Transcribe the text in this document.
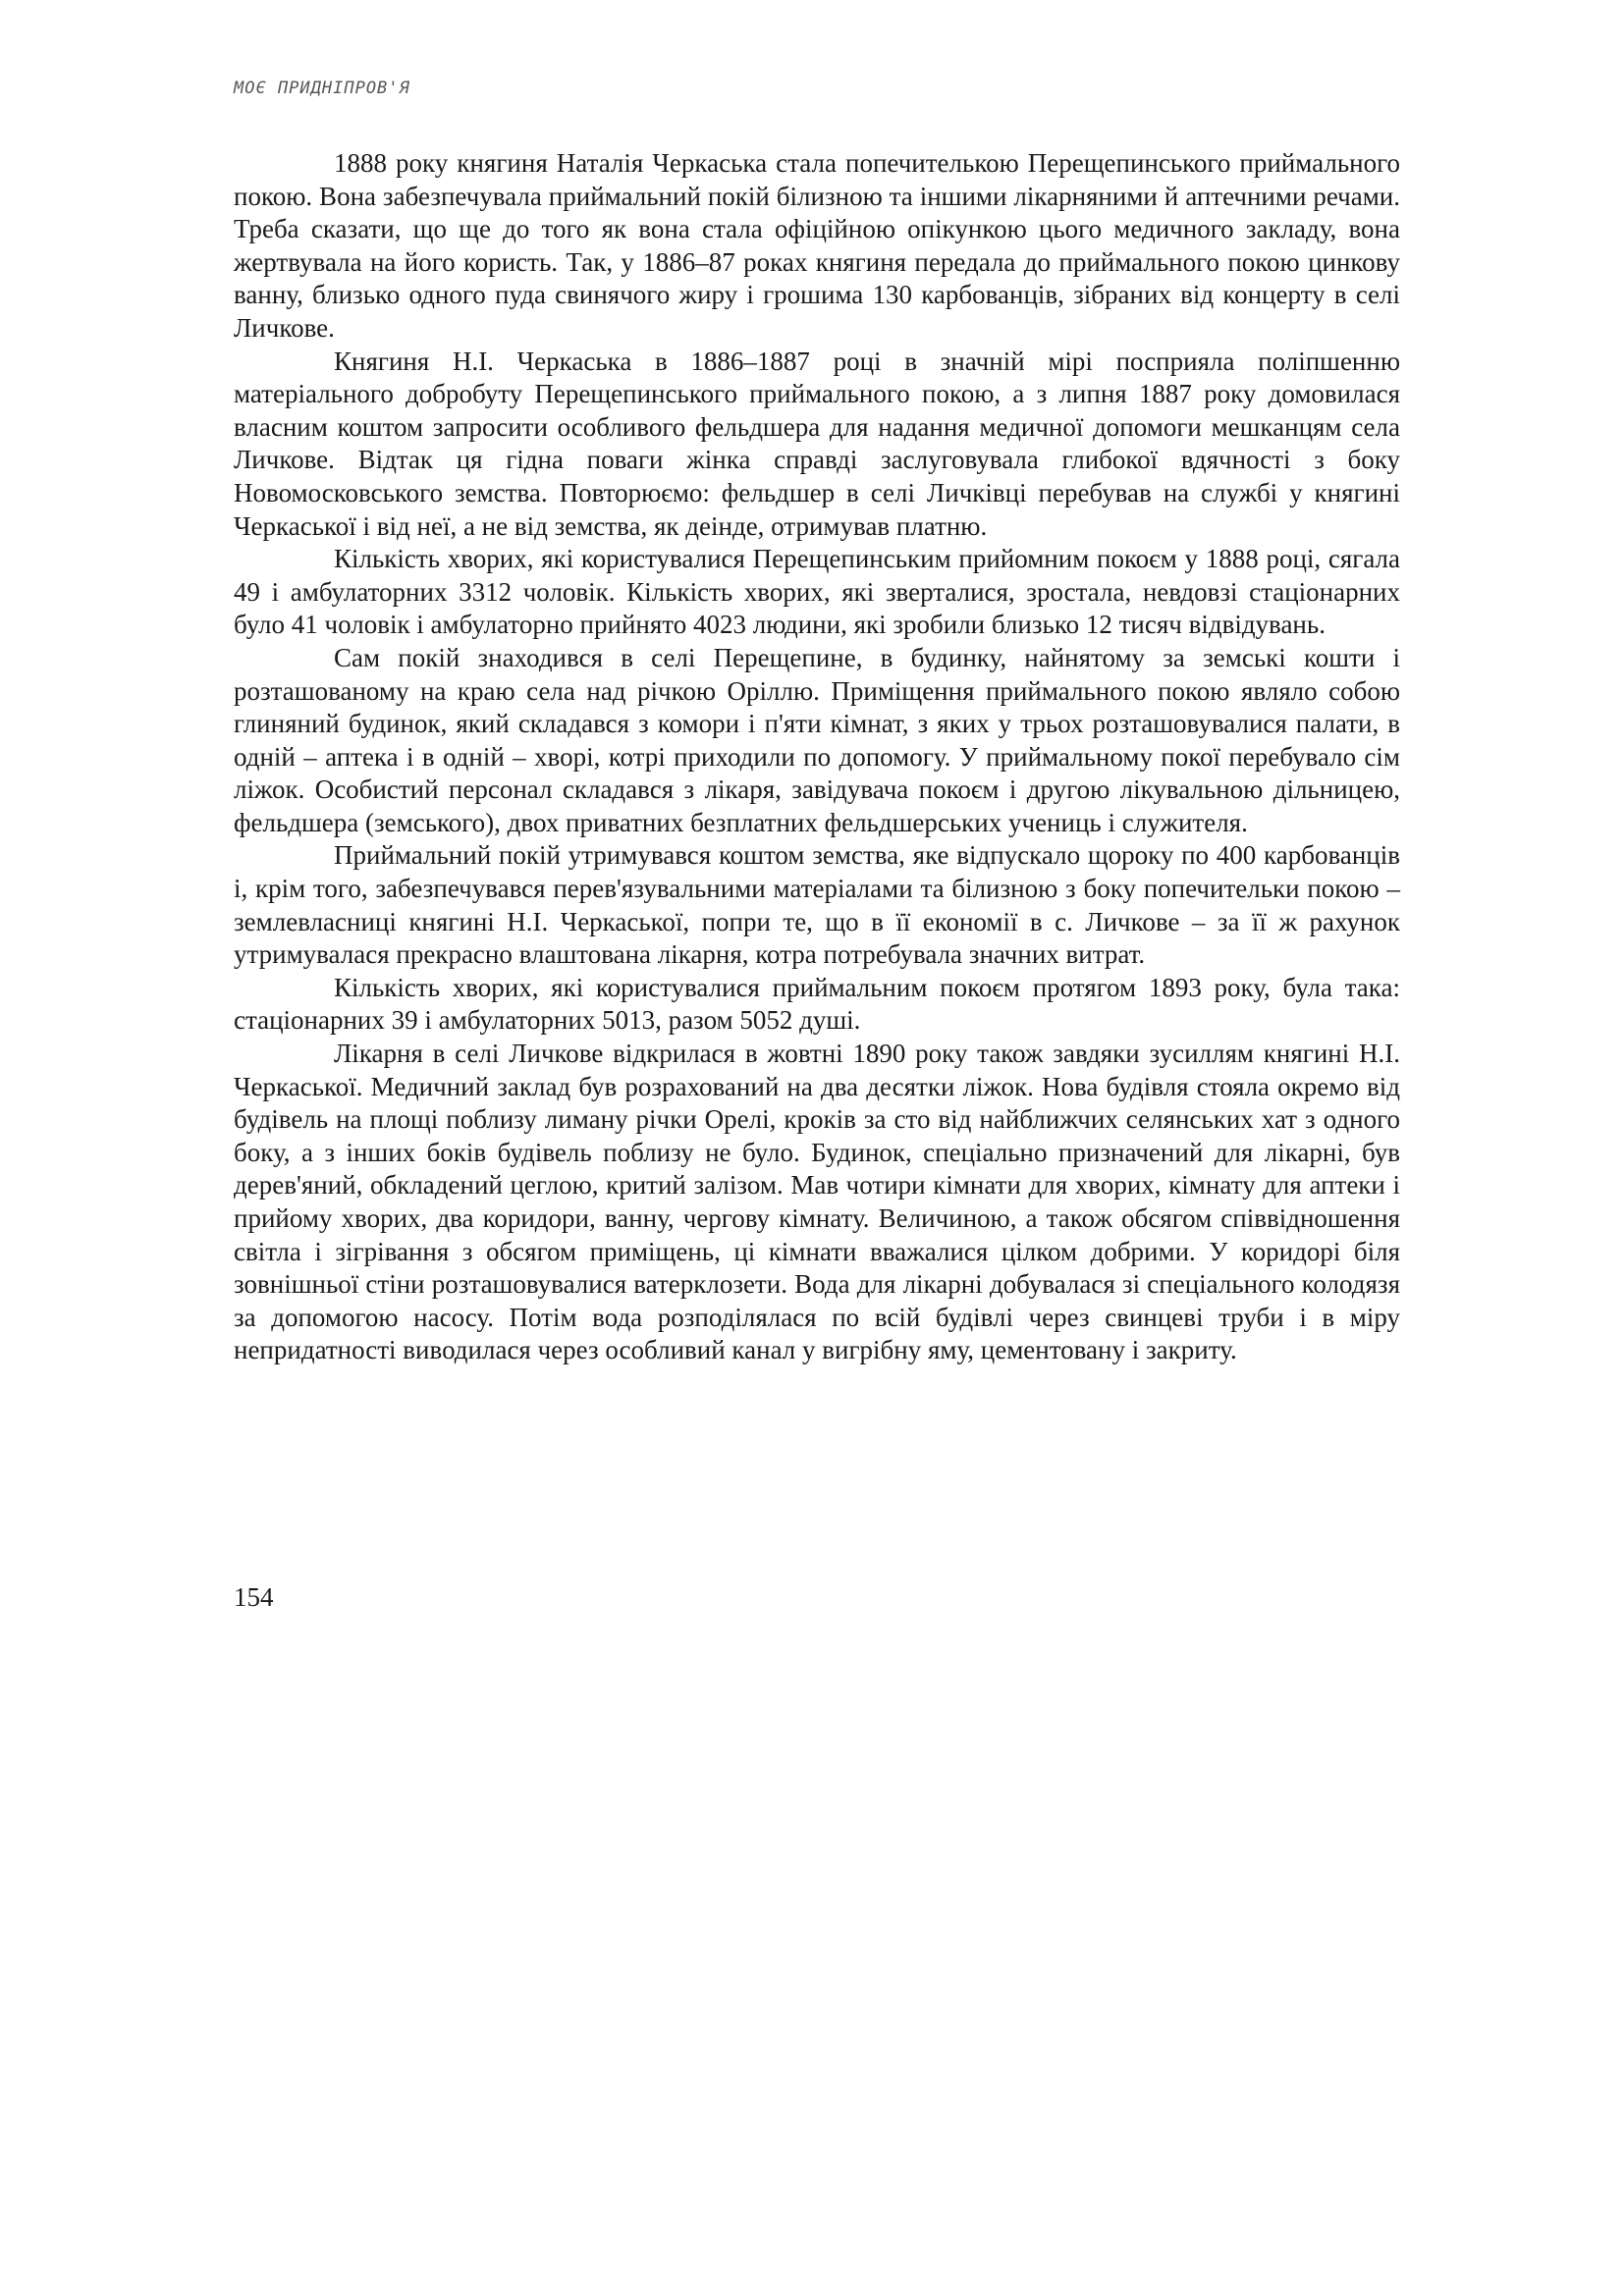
МОЄ ПРИДНІПРОВ'Я

1888 року княгиня Наталія Черкаська стала попечителькою Перещепинського приймального покою. Вона забезпечувала приймальний покій білизною та іншими лікарняними й аптечними речами. Треба сказати, що ще до того як вона стала офіційною опікункою цього медичного закладу, вона жертвувала на його користь. Так, у 1886–87 роках княгиня передала до приймального покою цинкову ванну, близько одного пуда свинячого жиру і грошима 130 карбованців, зібраних від концерту в селі Личкове.

Княгиня Н.І. Черкаська в 1886–1887 році в значній мірі посприяла поліпшенню матеріального добробуту Перещепинського приймального покою, а з липня 1887 року домовилася власним коштом запросити особливого фельдшера для надання медичної допомоги мешканцям села Личкове. Відтак ця гідна поваги жінка справді заслуговувала глибокої вдячності з боку Новомосковського земства. Повторюємо: фельдшер в селі Личківці перебував на службі у княгині Черкаської і від неї, а не від земства, як деінде, отримував платню.

Кількість хворих, які користувалися Перещепинським прийомним покоєм у 1888 році, сягала 49 і амбулаторних 3312 чоловік. Кількість хворих, які зверталися, зростала, невдовзі стаціонарних було 41 чоловік і амбулаторно прийнято 4023 людини, які зробили близько 12 тисяч відвідувань.

Сам покій знаходився в селі Перещепине, в будинку, найнятому за земські кошти і розташованому на краю села над річкою Оріллю. Приміщення приймального покою являло собою глиняний будинок, який складався з комори і п'яти кімнат, з яких у трьох розташовувалися палати, в одній – аптека і в одній – хворі, котрі приходили по допомогу. У приймальному покої перебувало сім ліжок. Особистий персонал складався з лікаря, завідувача покоєм і другою лікувальною дільницею, фельдшера (земського), двох приватних безплатних фельдшерських учениць і служителя.

Приймальний покій утримувався коштом земства, яке відпускало щороку по 400 карбованців і, крім того, забезпечувався перев'язувальними матеріалами та білизною з боку попечительки покою – землевласниці княгині Н.І. Черкаської, попри те, що в її економії в с. Личкове – за її ж рахунок утримувалася прекрасно влаштована лікарня, котра потребувала значних витрат.

Кількість хворих, які користувалися приймальним покоєм протягом 1893 року, була така: стаціонарних 39 і амбулаторних 5013, разом 5052 душі.

Лікарня в селі Личкове відкрилася в жовтні 1890 року також завдяки зусиллям княгині Н.І. Черкаської. Медичний заклад був розрахований на два десятки ліжок. Нова будівля стояла окремо від будівель на площі поблизу лиману річки Орелі, кроків за сто від найближчих селянських хат з одного боку, а з інших боків будівель поблизу не було. Будинок, спеціально призначений для лікарні, був дерев'яний, обкладений цеглою, критий залізом. Мав чотири кімнати для хворих, кімнату для аптеки і прийому хворих, два коридори, ванну, чергову кімнату. Величиною, а також обсягом співвідношення світла і зігрівання з обсягом приміщень, ці кімнати вважалися цілком добрими. У коридорі біля зовнішньої стіни розташовувалися ватерклозети. Вода для лікарні добувалася зі спеціального колодязя за допомогою насосу. Потім вода розподілялася по всій будівлі через свинцеві труби і в міру непридатності виводилася через особливий канал у вигрібну яму, цементовану і закриту.

154
